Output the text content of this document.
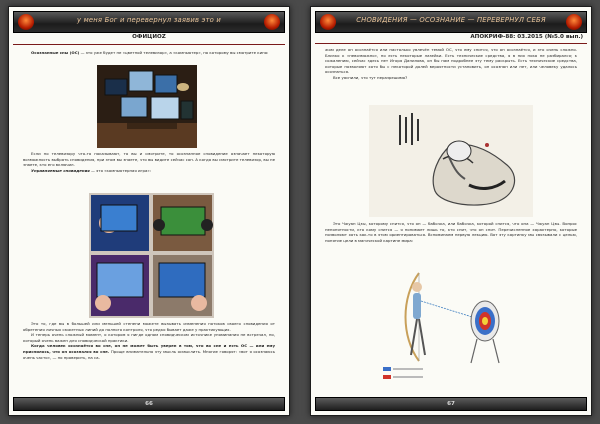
у меня Бог и перевернул заявив это и
ОФИЦИОZ

Осознанные сны (ОС) — это уже будет не «цветной телевизор», а «компьютер», по которому вы смотрите кино:

Если по телевизору что-то показывают, то вы и смотрите, то осознанное сновидение означает некоторую возможность выбрать сновидения, при этом вы знаете, что вы видите сейчас сон. А когда вы смотрите телевизор, вы не знаете, кто его включил.

Управляемые сновидения — это «компьютерная игра»:

Это то, где вы в большей или меньшей степени можете вызывать изменения потоков своего сновидения от обретения личных сюжетных линий до полного контроля, что редко бывает даже у практикующих.

И теперь очень сложный момент, о котором я нигде одном сновидческом источнике упоминания не встречал, но, который очень важен для сновидческой практики.

Когда человек осознаётся во сне, он не может быть уверен в том, что во сне и есть ОС — или ему приснилось, что он осознался во сне. Проще внимательно эту мысль осмыслить. Многие говорят: «вот я осознаюсь очень часто», — но проверить, на са-

66
СНОВИДЕНИЯ — ОСОЗНАНИЕ — ПЕРЕВЕРНУЛ СЕБЯ
АПОКРИФ-88: 03.2015 (№5.0 вып.)

жом деле он осознаётся или настолько увлечён темой ОС, что ему снится, что он осознаётся, и это очень сложно. Близко к «невозможно», но есть некоторые лазейки. Есть технические средства, я в них пока не разбирался; к сожалению, сейчас здесь нет Игоря Данилова, он бы нам подробнее эту тему раскрыть. Есть технические средства, которые позволяют хотя бы с некоторой долей вероятности установить, он осознан или нет, или человеку удалось осознаться.

Все уяснили, что тут неразрешимо?

Это Чжуан Цзы, которому снится, что он — бабочка, или бабочка, которой снится, что она — Чжуан Цзы. Вопрос непонятности, кто кому снится — я понимает лишь то, кто спит, что он спит. Перечисленное характерно, которые позволяют хоть как-то в этом ориентироваться. Вспоминаем первую лекцию. Вот эту картинку мы связывали с целью, понятие цели в магической картине мира:

67
